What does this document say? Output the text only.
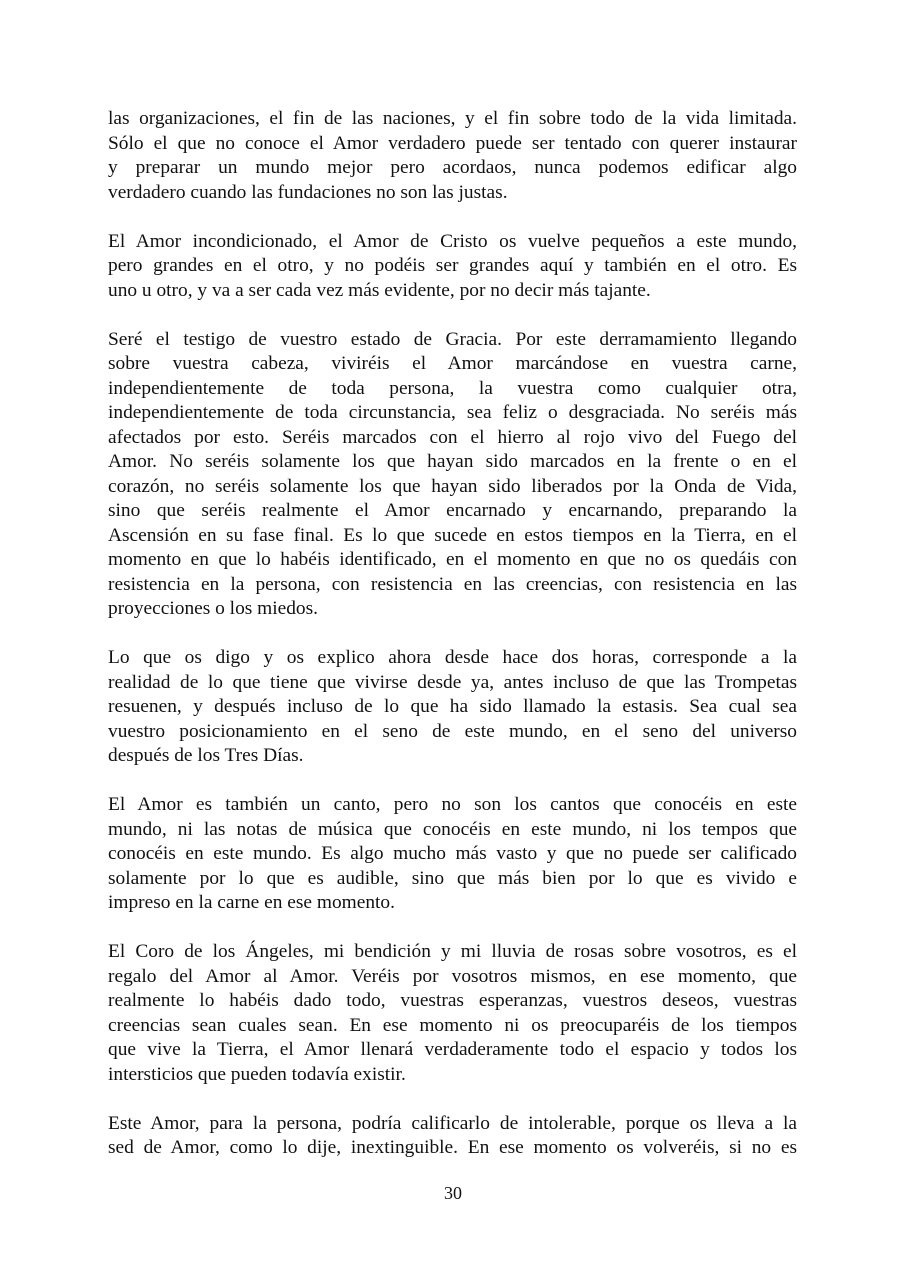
las organizaciones, el fin de las naciones, y el fin sobre todo de la vida limitada.
Sólo el que no conoce el Amor verdadero puede ser tentado con querer instaurar
y preparar un mundo mejor pero acordaos, nunca podemos edificar algo
verdadero cuando las fundaciones no son las justas.
El Amor incondicionado, el Amor de Cristo os vuelve pequeños a este mundo,
pero grandes en el otro, y no podéis ser grandes aquí y también en el otro. Es
uno u otro, y va a ser cada vez más evidente, por no decir más tajante.
Seré el testigo de vuestro estado de Gracia. Por este derramamiento llegando
sobre vuestra cabeza, viviréis el Amor marcándose en vuestra carne,
independientemente de toda persona, la vuestra como cualquier otra,
independientemente de toda circunstancia, sea feliz o desgraciada. No seréis más
afectados por esto. Seréis marcados con el hierro al rojo vivo del Fuego del
Amor. No seréis solamente los que hayan sido marcados en la frente o en el
corazón, no seréis solamente los que hayan sido liberados por la Onda de Vida,
sino que seréis realmente el Amor encarnado y encarnando, preparando la
Ascensión en su fase final. Es lo que sucede en estos tiempos en la Tierra, en el
momento en que lo habéis identificado, en el momento en que no os quedáis con
resistencia en la persona, con resistencia en las creencias, con resistencia en las
proyecciones o los miedos.
Lo que os digo y os explico ahora desde hace dos horas, corresponde a la
realidad de lo que tiene que vivirse desde ya, antes incluso de que las Trompetas
resuenen, y después incluso de lo que ha sido llamado la estasis. Sea cual sea
vuestro posicionamiento en el seno de este mundo, en el seno del universo
después de los Tres Días.
El Amor es también un canto, pero no son los cantos que conocéis en este
mundo, ni las notas de música que conocéis en este mundo, ni los tempos que
conocéis en este mundo. Es algo mucho más vasto y que no puede ser calificado
solamente por lo que es audible, sino que más bien por lo que es vivido e
impreso en la carne en ese momento.
El Coro de los Ángeles, mi bendición y mi lluvia de rosas sobre vosotros, es el
regalo del Amor al Amor. Veréis por vosotros mismos, en ese momento, que
realmente lo habéis dado todo, vuestras esperanzas, vuestros deseos, vuestras
creencias sean cuales sean. En ese momento ni os preocuparéis de los tiempos
que vive la Tierra, el Amor llenará verdaderamente todo el espacio y todos los
intersticios que pueden todavía existir.
Este Amor, para la persona, podría calificarlo de intolerable, porque os lleva a la
sed de Amor, como lo dije, inextinguible. En ese momento os volveréis, si no es
30
